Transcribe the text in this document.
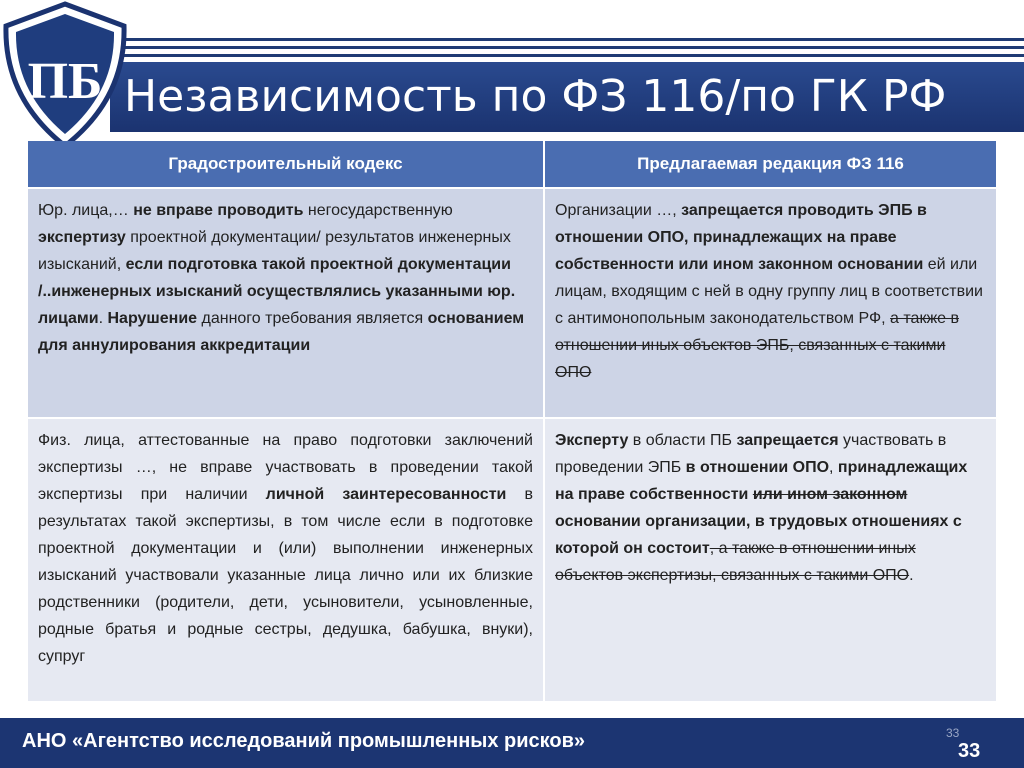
Независимость по ФЗ 116/по ГК РФ
ПБ
Градостроительный кодекс	Предлагаемая редакция ФЗ 116
Юр. лица,… не вправе проводить негосударственную экспертизу проектной документации/ результатов инженерных изысканий, если подготовка такой проектной документации /..инженерных изысканий осуществлялись указанными юр. лицами. Нарушение данного требования является основанием для аннулирования аккредитации
Организации …, запрещается проводить ЭПБ в отношении ОПО, принадлежащих на праве собственности или ином законном основании ей или лицам, входящим с ней в одну группу лиц в соответствии с антимонопольным законодательством РФ, а также в отношении иных объектов ЭПБ, связанных с такими ОПО
Физ. лица, аттестованные на право подготовки заключений экспертизы …, не вправе участвовать в проведении такой экспертизы при наличии личной заинтересованности в результатах такой экспертизы, в том числе если в подготовке проектной документации и (или) выполнении инженерных изысканий участвовали указанные лица лично или их близкие родственники (родители, дети, усыновители, усыновленные, родные братья и родные сестры, дедушка, бабушка, внуки), супруг
Эксперту в области ПБ запрещается участвовать в проведении ЭПБ в отношении ОПО, принадлежащих на праве собственности или ином законном основании организации, в трудовых отношениях с которой он состоит, а также в отношении иных объектов экспертизы, связанных с такими ОПО.
АНО «Агентство исследований промышленных рисков»	33
33
